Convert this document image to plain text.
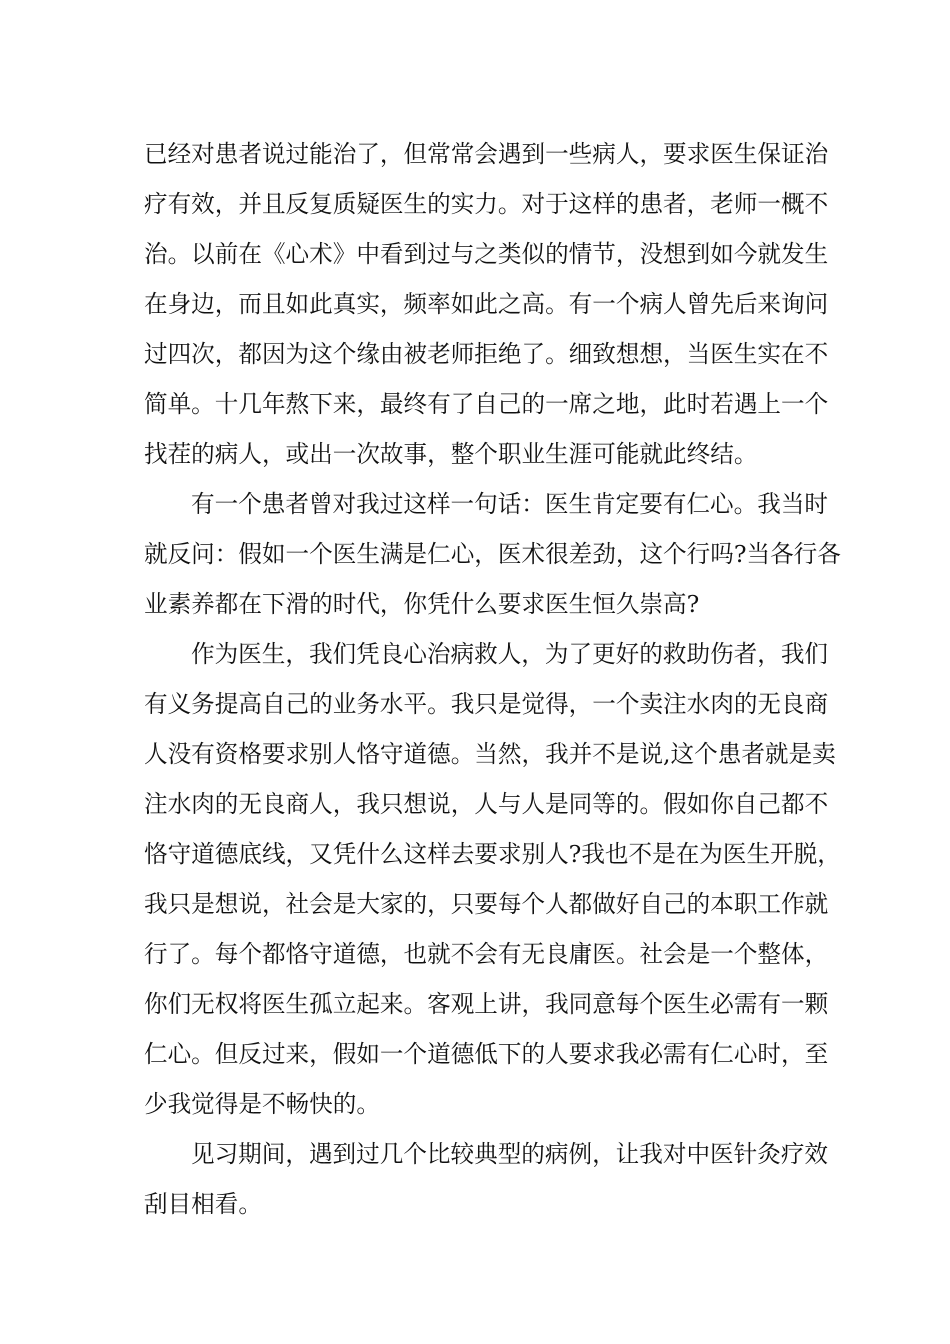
已经对患者说过能治了，但常常会遇到一些病人，要求医生保证治
疗有效，并且反复质疑医生的实力。对于这样的患者，老师一概不
治。以前在《心术》中看到过与之类似的情节，没想到如今就发生
在身边，而且如此真实，频率如此之高。有一个病人曾先后来询问
过四次，都因为这个缘由被老师拒绝了。细致想想，当医生实在不
简单。十几年熬下来，最终有了自己的一席之地，此时若遇上一个
找茬的病人，或出一次故事，整个职业生涯可能就此终结。
有一个患者曾对我过这样一句话：医生肯定要有仁心。我当时
就反问：假如一个医生满是仁心，医术很差劲，这个行吗?当各行各
业素养都在下滑的时代，你凭什么要求医生恒久崇高?
作为医生，我们凭良心治病救人，为了更好的救助伤者，我们
有义务提高自己的业务水平。我只是觉得，一个卖注水肉的无良商
人没有资格要求别人恪守道德。当然，我并不是说,这个患者就是卖
注水肉的无良商人，我只想说，人与人是同等的。假如你自己都不
恪守道德底线，又凭什么这样去要求别人?我也不是在为医生开脱，
我只是想说，社会是大家的，只要每个人都做好自己的本职工作就
行了。每个都恪守道德，也就不会有无良庸医。社会是一个整体，
你们无权将医生孤立起来。客观上讲，我同意每个医生必需有一颗
仁心。但反过来，假如一个道德低下的人要求我必需有仁心时，至
少我觉得是不畅快的。
见习期间，遇到过几个比较典型的病例，让我对中医针灸疗效
刮目相看。
